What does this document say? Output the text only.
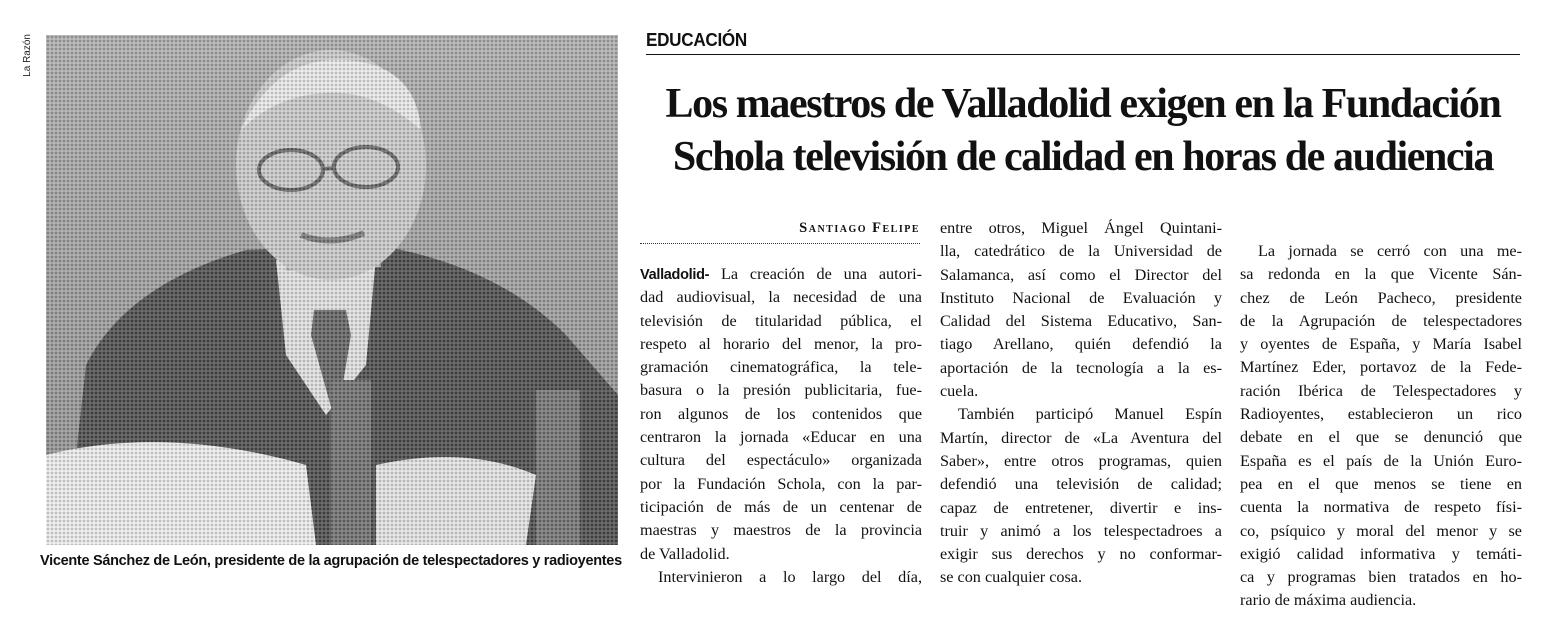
La Razón
Vicente Sánchez de León, presidente de la agrupación de telespectadores y radioyentes
EDUCACIÓN
Los maestros de Valladolid exigen en la Fundación
Schola televisión de calidad en horas de audiencia
Santiago Felipe
Valladolid- La creación de una autori-
dad audiovisual, la necesidad de una
televisión de titularidad pública, el
respeto al horario del menor, la pro-
gramación cinematográfica, la tele-
basura o la presión publicitaria, fue-
ron algunos de los contenidos que
centraron la jornada «Educar en una
cultura del espectáculo» organizada
por la Fundación Schola, con la par-
ticipación de más de un centenar de
maestras y maestros de la provincia
de Valladolid.
Intervinieron a lo largo del día,
entre otros, Miguel Ángel Quintani-
lla, catedrático de la Universidad de
Salamanca, así como el Director del
Instituto Nacional de Evaluación y
Calidad del Sistema Educativo, San-
tiago Arellano, quién defendió la
aportación de la tecnología a la es-
cuela.
También participó Manuel Espín
Martín, director de «La Aventura del
Saber», entre otros programas, quien
defendió una televisión de calidad;
capaz de entretener, divertir e ins-
truir y animó a los telespectadroes a
exigir sus derechos y no conformar-
se con cualquier cosa.
La jornada se cerró con una me-
sa redonda en la que Vicente Sán-
chez de León Pacheco, presidente
de la Agrupación de telespectadores
y oyentes de España, y María Isabel
Martínez Eder, portavoz de la Fede-
ración Ibérica de Telespectadores y
Radioyentes, establecieron un rico
debate en el que se denunció que
España es el país de la Unión Euro-
pea en el que menos se tiene en
cuenta la normativa de respeto físi-
co, psíquico y moral del menor y se
exigió calidad informativa y temáti-
ca y programas bien tratados en ho-
rario de máxima audiencia.
